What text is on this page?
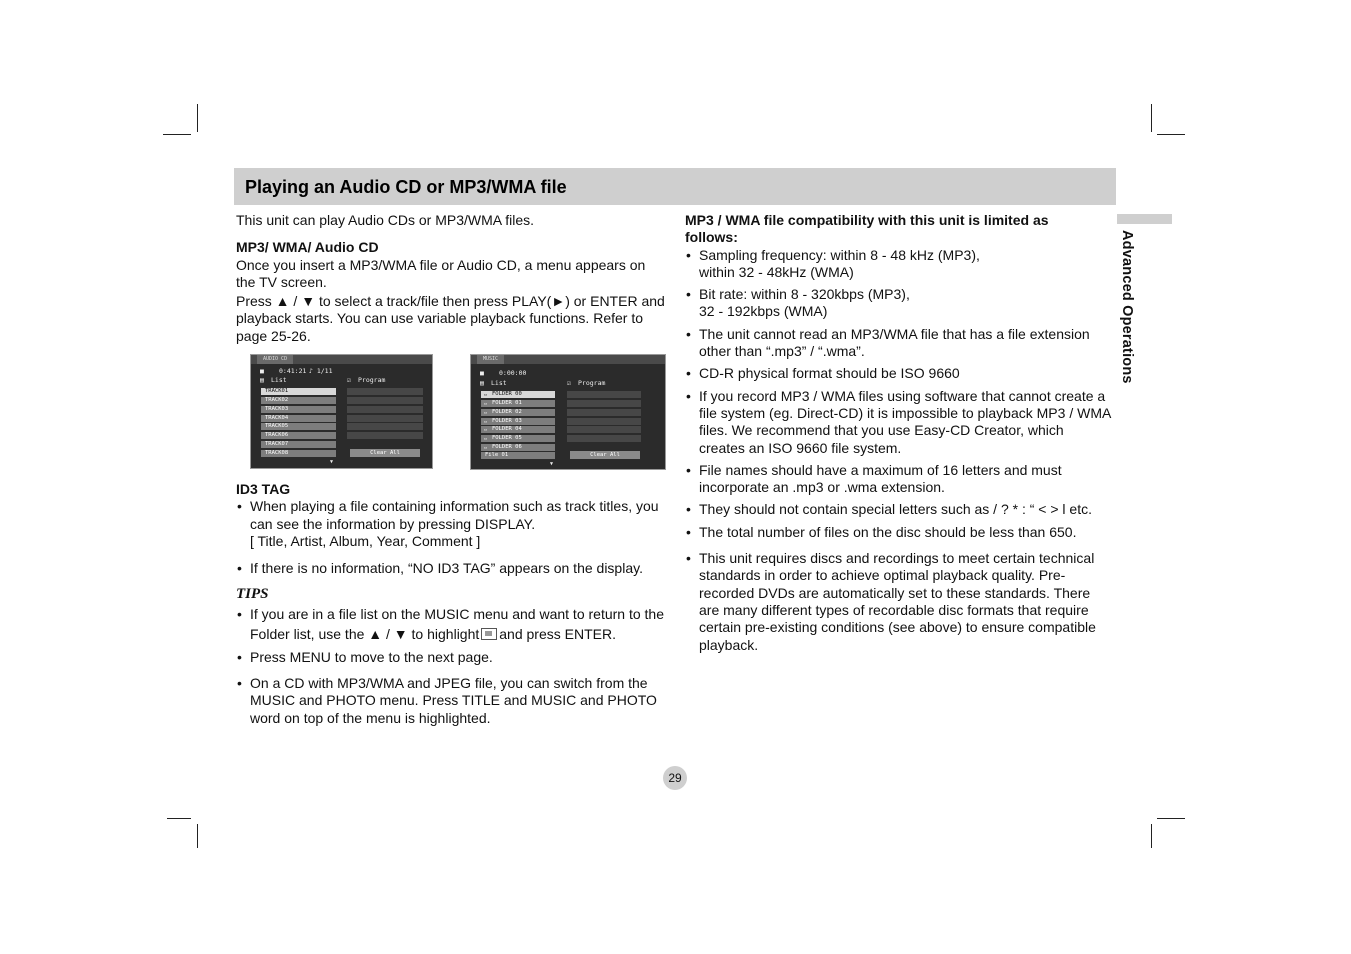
Playing an Audio CD or MP3/WMA file
Advanced Operations

This unit can play Audio CDs or MP3/WMA files.

MP3/ WMA/ Audio CD

Once you insert a MP3/WMA file or Audio CD, a menu appears on the TV screen.

Press ▲ / ▼ to select a track/file then press PLAY(►) or ENTER and playback starts. You can use variable playback functions. Refer to page 25-26.

AUDIO CD
■ 0:41:21 ♪ 1/11
▤ List	☑ Program
TRACK01
TRACK02
TRACK03
TRACK04
TRACK05
TRACK06
TRACK07
TRACK08
▼
Clear All
MUSIC
■ 0:00:00
▤ List	☑ Program
FOLDER 00
FOLDER 01
FOLDER 02
FOLDER 03
FOLDER 04
FOLDER 05
FOLDER 06
File 01
▭
▭
▭
▭
▭
▭
▭
▼
Clear All

ID3 TAG

• When playing a file containing information such as track titles, you can see the information by pressing DISPLAY.

[ Title, Artist, Album, Year, Comment ]

• If there is no information, “NO ID3 TAG” appears on the display.

TIPS

• If you are in a file list on the MUSIC menu and want to return to the Folder list, use the ▲ / ▼ to highlight and press ENTER.

• Press MENU to move to the next page.

• On a CD with MP3/WMA and JPEG file, you can switch from the MUSIC and PHOTO menu. Press TITLE and MUSIC and PHOTO word on top of the menu is highlighted.

MP3 / WMA file compatibility with this unit is limited as follows:

• Sampling frequency: within 8 - 48 kHz (MP3),

within 32 - 48kHz (WMA)

• Bit rate: within 8 - 320kbps (MP3),

32 - 192kbps (WMA)

• The unit cannot read an MP3/WMA file that has a file extension other than “.mp3” / “.wma”.

• CD-R physical format should be ISO 9660

• If you record MP3 / WMA files using software that cannot create a file system (eg. Direct-CD) it is impossible to playback MP3 / WMA files. We recommend that you use Easy-CD Creator, which creates an ISO 9660 file system.

• File names should have a maximum of 16 letters and must incorporate an .mp3 or .wma extension.

• They should not contain special letters such as / ? * : “ < > l etc.

• The total number of files on the disc should be less than 650.

• This unit requires discs and recordings to meet certain technical standards in order to achieve optimal playback quality. Pre-recorded DVDs are automatically set to these standards. There are many different types of recordable disc formats that require certain pre-existing conditions (see above) to ensure compatible playback.

29
